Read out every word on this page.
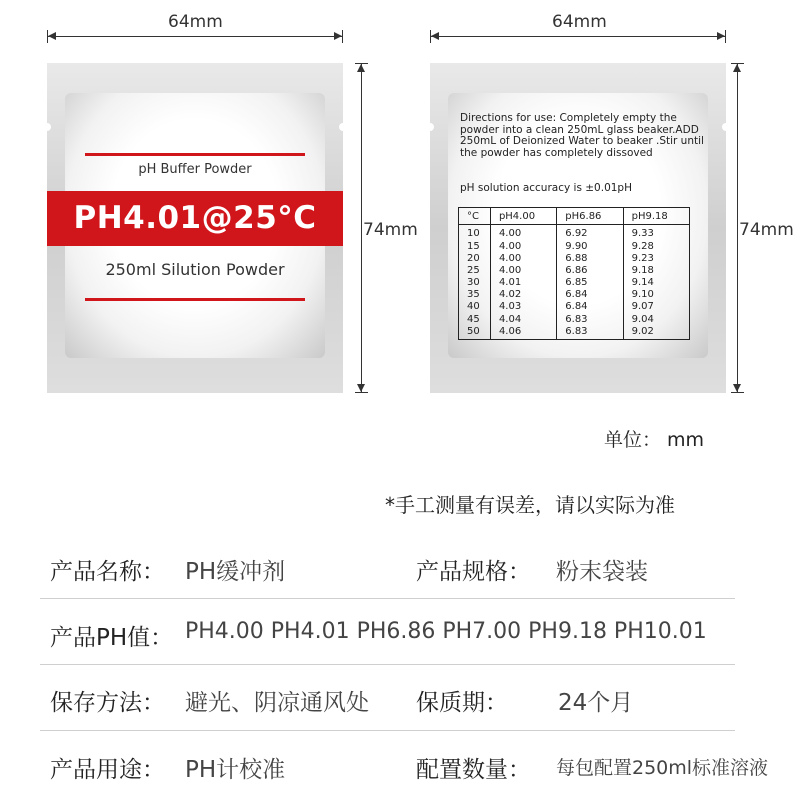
64mm	64mm
pH Buffer Powder
PH4.01@25°C
250ml Silution Powder
74mm
Directions for use: Completely empty the powder into a clean 250mL glass beaker.ADD 250mL of Deionized Water to beaker .Stir until the powder has completely dissoved
pH solution accuracy is ±0.01pH
°C	pH4.00	pH6.86	pH9.18
10	4.00	6.92	9.33
15	4.00	9.90	9.28
20	4.00	6.88	9.23
25	4.00	6.86	9.18
30	4.01	6.85	9.14
35	4.02	6.84	9.10
40	4.03	6.84	9.07
45	4.04	6.83	9.04
50	4.06	6.83	9.02
74mm
单位： mm
*手工测量有误差，请以实际为准
产品名称： PH缓冲剂	产品规格： 粉末袋装
产品PH值： PH4.00 PH4.01 PH6.86 PH7.00 PH9.18 PH10.01
保存方法： 避光、阴凉通风处 保质期： 24个月
产品用途： PH计校准	配置数量： 每包配置250ml标准溶液
